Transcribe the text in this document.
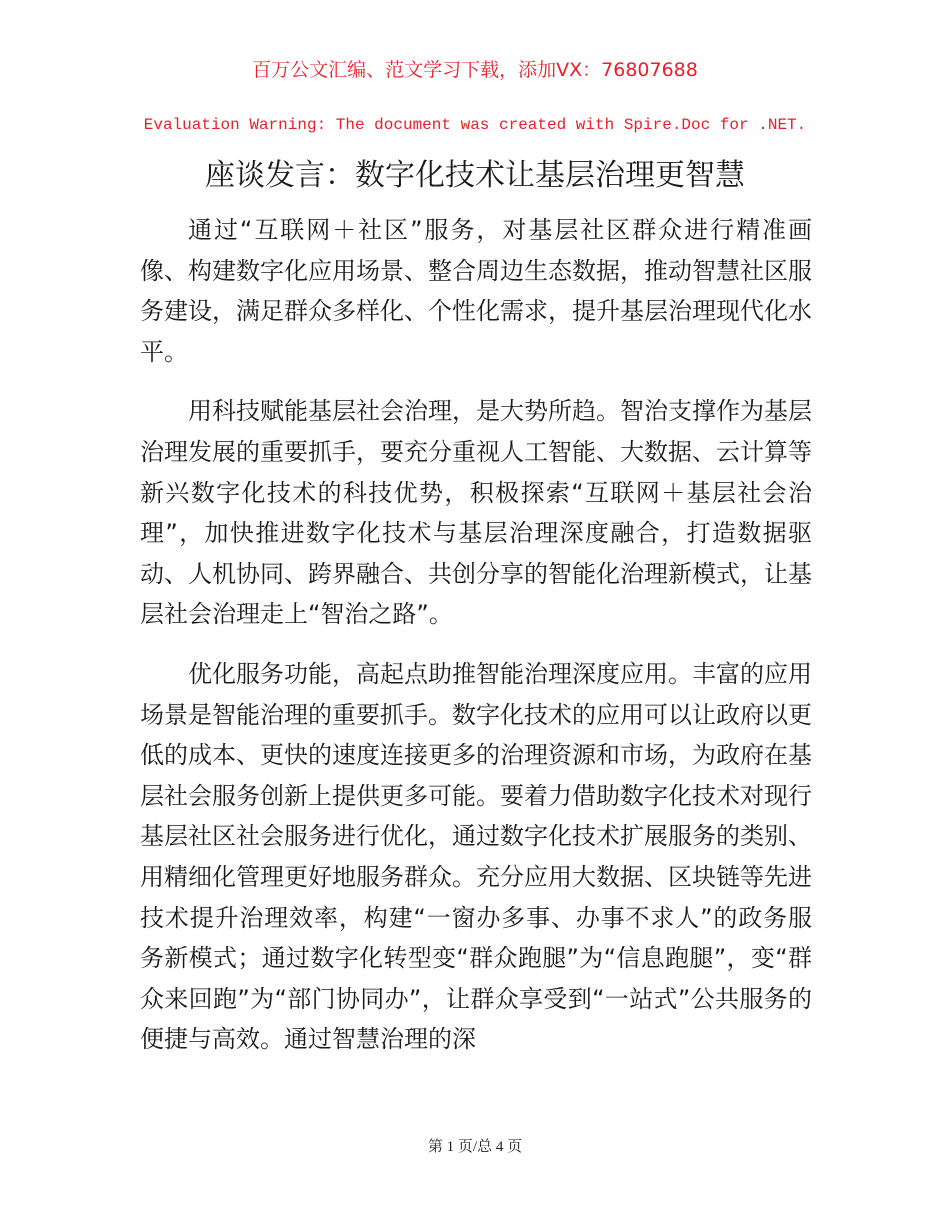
百万公文汇编、范文学习下载，添加VX：76807688
Evaluation Warning: The document was created with Spire.Doc for .NET.
座谈发言：数字化技术让基层治理更智慧

通过“互联网＋社区”服务，对基层社区群众进行精准画像、构建数字化应用场景、整合周边生态数据，推动智慧社区服务建设，满足群众多样化、个性化需求，提升基层治理现代化水平。

用科技赋能基层社会治理，是大势所趋。智治支撑作为基层治理发展的重要抓手，要充分重视人工智能、大数据、云计算等新兴数字化技术的科技优势，积极探索“互联网＋基层社会治理”，加快推进数字化技术与基层治理深度融合，打造数据驱动、人机协同、跨界融合、共创分享的智能化治理新模式，让基层社会治理走上“智治之路”。

优化服务功能，高起点助推智能治理深度应用。丰富的应用场景是智能治理的重要抓手。数字化技术的应用可以让政府以更低的成本、更快的速度连接更多的治理资源和市场，为政府在基层社会服务创新上提供更多可能。要着力借助数字化技术对现行基层社区社会服务进行优化，通过数字化技术扩展服务的类别、用精细化管理更好地服务群众。充分应用大数据、区块链等先进技术提升治理效率，构建“一窗办多事、办事不求人”的政务服务新模式；通过数字化转型变“群众跑腿”为“信息跑腿”，变“群众来回跑”为“部门协同办”，让群众享受到“一站式”公共服务的便捷与高效。通过智慧治理的深

第 1 页/总 4 页
